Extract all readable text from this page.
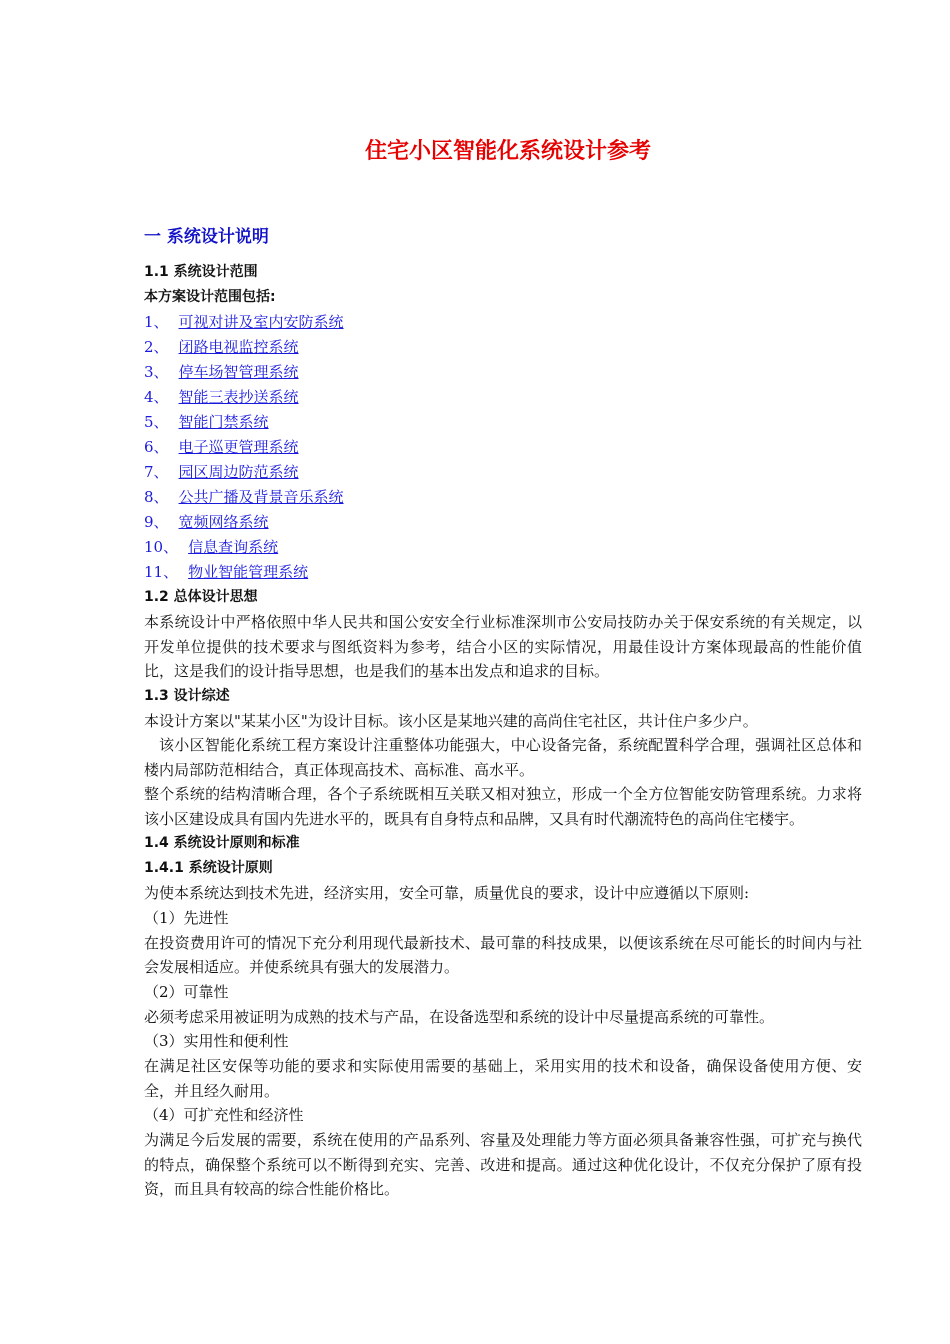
住宅小区智能化系统设计参考
一 系统设计说明
1.1 系统设计范围
本方案设计范围包括:
1、 可视对讲及室内安防系统
2、 闭路电视监控系统
3、 停车场智管理系统
4、 智能三表抄送系统
5、 智能门禁系统
6、 电子巡更管理系统
7、 园区周边防范系统
8、 公共广播及背景音乐系统
9、 宽频网络系统
10、 信息查询系统
11、 物业智能管理系统
1.2 总体设计思想

本系统设计中严格依照中华人民共和国公安安全行业标准深圳市公安局技防办关于保安系统的有关规定，以开发单位提供的技术要求与图纸资料为参考，结合小区的实际情况，用最佳设计方案体现最高的性能价值比，这是我们的设计指导思想，也是我们的基本出发点和追求的目标。

1.3 设计综述

本设计方案以"某某小区"为设计目标。该小区是某地兴建的高尚住宅社区，共计住户多少户。

该小区智能化系统工程方案设计注重整体功能强大，中心设备完备，系统配置科学合理，强调社区总体和楼内局部防范相结合，真正体现高技术、高标准、高水平。

整个系统的结构清晰合理，各个子系统既相互关联又相对独立，形成一个全方位智能安防管理系统。力求将该小区建设成具有国内先进水平的，既具有自身特点和品牌，又具有时代潮流特色的高尚住宅楼宇。

1.4 系统设计原则和标准
1.4.1 系统设计原则

为使本系统达到技术先进，经济实用，安全可靠，质量优良的要求，设计中应遵循以下原则:

（1）先进性

在投资费用许可的情况下充分利用现代最新技术、最可靠的科技成果，以便该系统在尽可能长的时间内与社会发展相适应。并使系统具有强大的发展潜力。

（2）可靠性

必须考虑采用被证明为成熟的技术与产品，在设备选型和系统的设计中尽量提高系统的可靠性。

（3）实用性和便利性

在满足社区安保等功能的要求和实际使用需要的基础上，采用实用的技术和设备，确保设备使用方便、安全，并且经久耐用。

（4）可扩充性和经济性

为满足今后发展的需要，系统在使用的产品系列、容量及处理能力等方面必须具备兼容性强，可扩充与换代的特点，确保整个系统可以不断得到充实、完善、改进和提高。通过这种优化设计，不仅充分保护了原有投资，而且具有较高的综合性能价格比。
